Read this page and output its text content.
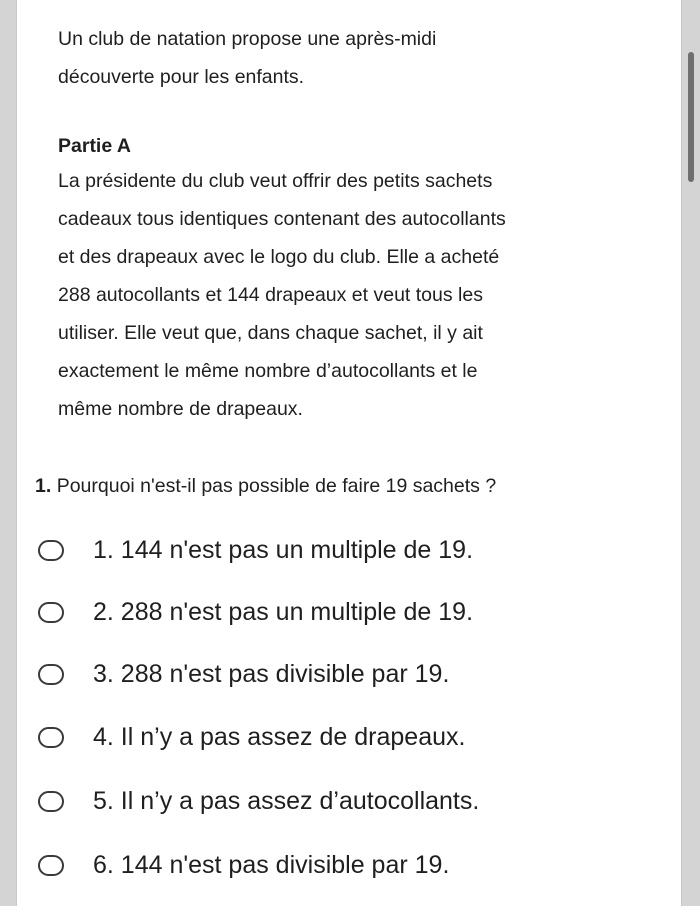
Un club de natation propose une après-midi
découverte pour les enfants.
Partie A
La présidente du club veut offrir des petits sachets
cadeaux tous identiques contenant des autocollants
et des drapeaux avec le logo du club. Elle a acheté
288 autocollants et 144 drapeaux et veut tous les
utiliser. Elle veut que, dans chaque sachet, il y ait
exactement le même nombre d’autocollants et le
même nombre de drapeaux.
1. Pourquoi n'est-il pas possible de faire 19 sachets ?
1. 144 n'est pas un multiple de 19.
2. 288 n'est pas un multiple de 19.
3. 288 n'est pas divisible par 19.
4. Il n’y a pas assez de drapeaux.
5. Il n’y a pas assez d’autocollants.
6. 144 n'est pas divisible par 19.
